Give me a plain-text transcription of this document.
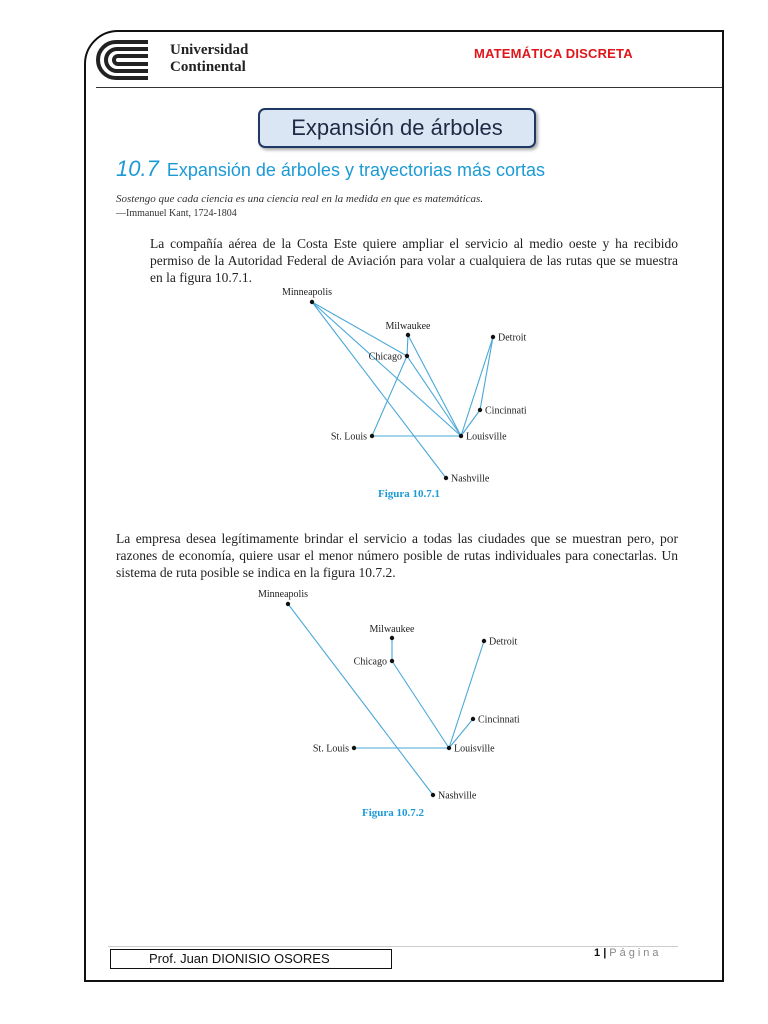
Universidad
Continental
MATEMÁTICA DISCRETA
Expansión de árboles
10.7 Expansión de árboles y trayectorias más cortas
Sostengo que cada ciencia es una ciencia real en la medida en que es matemáticas.
—Immanuel Kant, 1724-1804
La compañía aérea de la Costa Este quiere ampliar el servicio al medio oeste y ha recibido permiso de la Autoridad Federal de Aviación para volar a cualquiera de las rutas que se muestra en la figura 10.7.1.
Minneapolis
Milwaukee
Chicago
Detroit
Cincinnati
St. Louis	Louisville
Nashville
Figura 10.7.1
La empresa desea legítimamente brindar el servicio a todas las ciudades que se muestran pero, por razones de economía, quiere usar el menor número posible de rutas individuales para conectarlas. Un sistema de ruta posible se indica en la figura 10.7.2.
Minneapolis
Milwaukee
Chicago
Detroit
Cincinnati
St. Louis	Louisville
Nashville
Figura 10.7.2
Prof. Juan DIONISIO OSORES	1 | Página
